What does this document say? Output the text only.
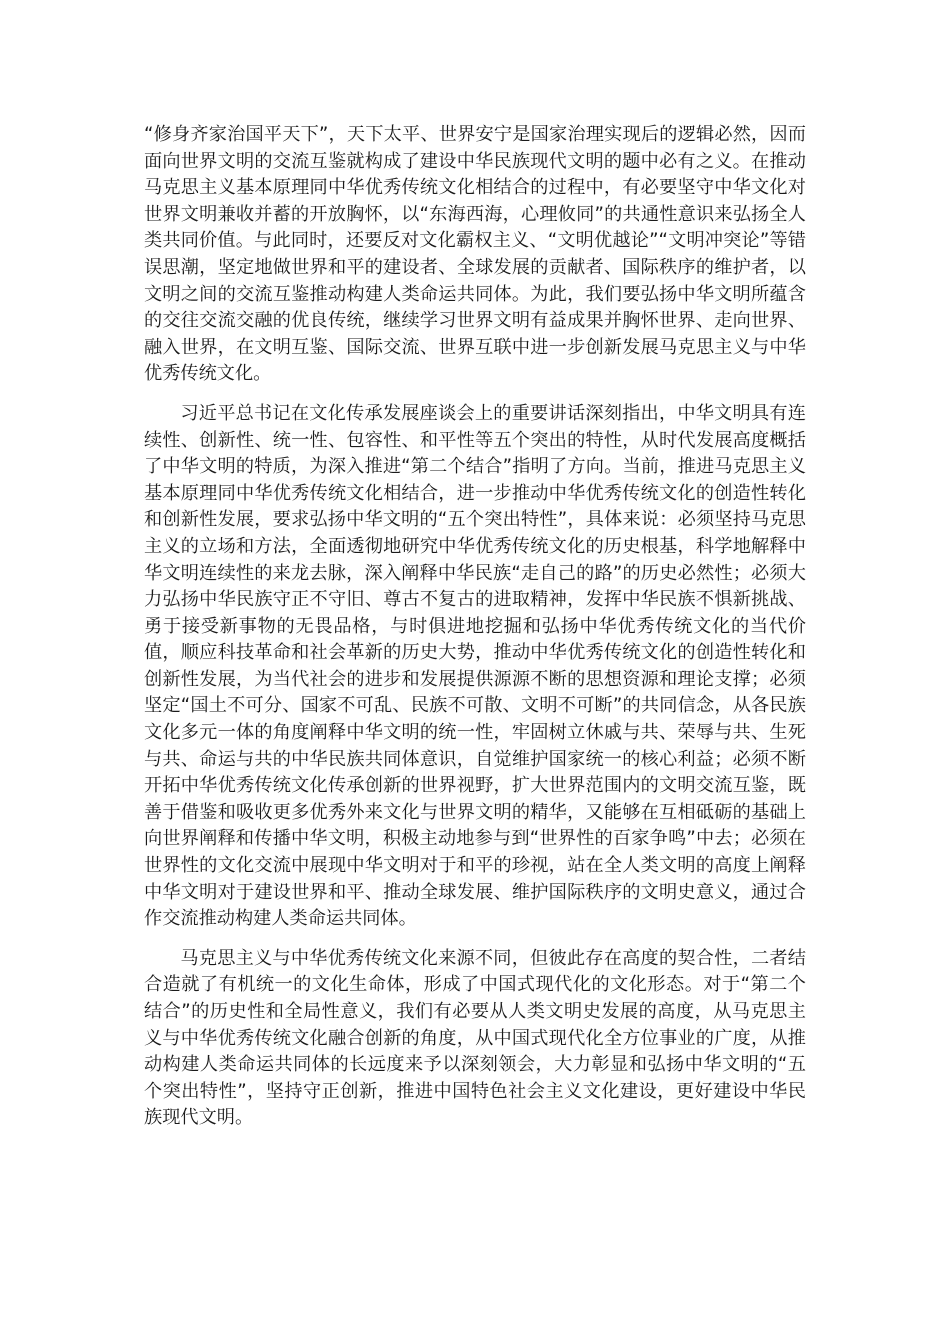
“修身齐家治国平天下”，天下太平、世界安宁是国家治理实现后的逻辑必然，因而面向世界文明的交流互鉴就构成了建设中华民族现代文明的题中必有之义。在推动马克思主义基本原理同中华优秀传统文化相结合的过程中，有必要坚守中华文化对世界文明兼收并蓄的开放胸怀，以“东海西海，心理攸同”的共通性意识来弘扬全人类共同价值。与此同时，还要反对文化霸权主义、“文明优越论”“文明冲突论”等错误思潮，坚定地做世界和平的建设者、全球发展的贡献者、国际秩序的维护者，以文明之间的交流互鉴推动构建人类命运共同体。为此，我们要弘扬中华文明所蕴含的交往交流交融的优良传统，继续学习世界文明有益成果并胸怀世界、走向世界、融入世界，在文明互鉴、国际交流、世界互联中进一步创新发展马克思主义与中华优秀传统文化。

习近平总书记在文化传承发展座谈会上的重要讲话深刻指出，中华文明具有连续性、创新性、统一性、包容性、和平性等五个突出的特性，从时代发展高度概括了中华文明的特质，为深入推进“第二个结合”指明了方向。当前，推进马克思主义基本原理同中华优秀传统文化相结合，进一步推动中华优秀传统文化的创造性转化和创新性发展，要求弘扬中华文明的“五个突出特性”，具体来说：必须坚持马克思主义的立场和方法，全面透彻地研究中华优秀传统文化的历史根基，科学地解释中华文明连续性的来龙去脉，深入阐释中华民族“走自己的路”的历史必然性；必须大力弘扬中华民族守正不守旧、尊古不复古的进取精神，发挥中华民族不惧新挑战、勇于接受新事物的无畏品格，与时俱进地挖掘和弘扬中华优秀传统文化的当代价值，顺应科技革命和社会革新的历史大势，推动中华优秀传统文化的创造性转化和创新性发展，为当代社会的进步和发展提供源源不断的思想资源和理论支撑；必须坚定“国土不可分、国家不可乱、民族不可散、文明不可断”的共同信念，从各民族文化多元一体的角度阐释中华文明的统一性，牢固树立休戚与共、荣辱与共、生死与共、命运与共的中华民族共同体意识，自觉维护国家统一的核心利益；必须不断开拓中华优秀传统文化传承创新的世界视野，扩大世界范围内的文明交流互鉴，既善于借鉴和吸收更多优秀外来文化与世界文明的精华，又能够在互相砥砺的基础上向世界阐释和传播中华文明，积极主动地参与到“世界性的百家争鸣”中去；必须在世界性的文化交流中展现中华文明对于和平的珍视，站在全人类文明的高度上阐释中华文明对于建设世界和平、推动全球发展、维护国际秩序的文明史意义，通过合作交流推动构建人类命运共同体。

马克思主义与中华优秀传统文化来源不同，但彼此存在高度的契合性，二者结合造就了有机统一的文化生命体，形成了中国式现代化的文化形态。对于“第二个结合”的历史性和全局性意义，我们有必要从人类文明史发展的高度，从马克思主义与中华优秀传统文化融合创新的角度，从中国式现代化全方位事业的广度，从推动构建人类命运共同体的长远度来予以深刻领会，大力彰显和弘扬中华文明的“五个突出特性”，坚持守正创新，推进中国特色社会主义文化建设，更好建设中华民族现代文明。
